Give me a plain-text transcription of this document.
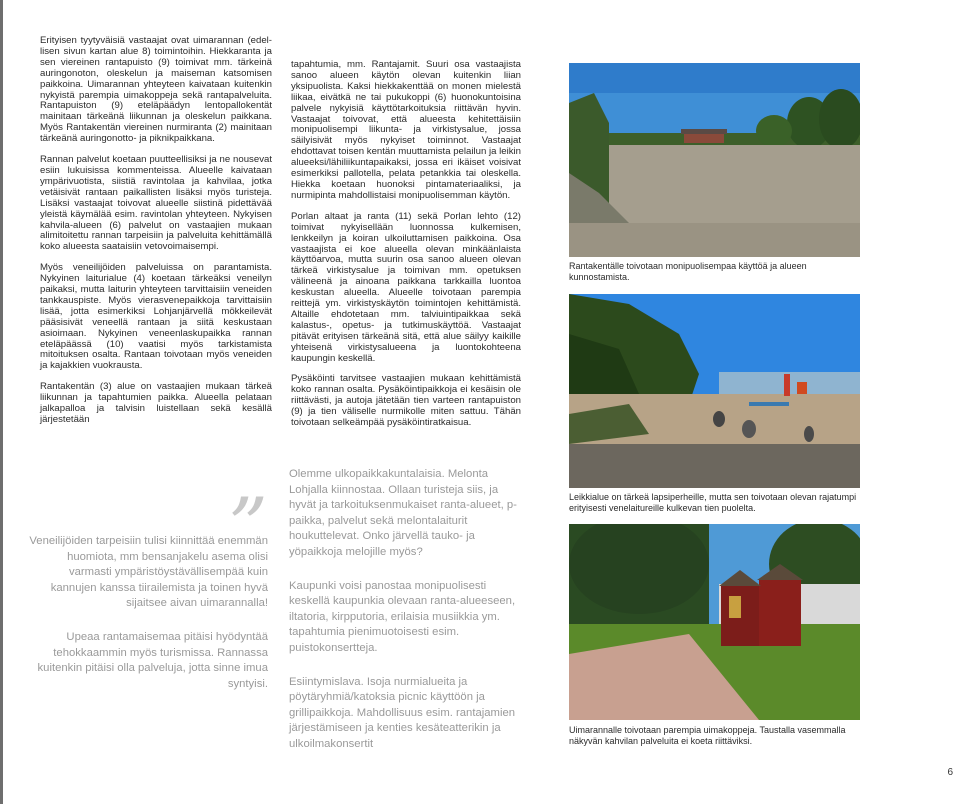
Erityisen tyytyväisiä vastaajat ovat uimarannan (edel-lisen sivun kartan alue 8) toimintoihin. Hiekkaranta ja sen viereinen rantapuisto (9) toimivat mm. tärkeinä auringonoton, oleskelun ja maiseman katsomisen paikkoina. Uimarannan yhteyteen kaivataan kuitenkin nykyistä parempia uimakoppeja sekä rantapalveluita. Rantapuiston (9) eteläpäädyn lentopallokentät mainitaan tärkeänä liikunnan ja oleskelun paikkana. Myös Rantakentän viereinen nurmiranta (2) mainitaan tärkeänä auringonotto- ja piknikpaikkana.

Rannan palvelut koetaan puutteellisiksi ja ne nousevat esiin lukuisissa kommenteissa. Alueelle kaivataan ympärivuotista, siistiä ravintolaa ja kahvilaa, jotka vetäisivät rantaan paikallisten lisäksi myös turisteja. Lisäksi vastaajat toivovat alueelle siistinä pidettävää yleistä käymälää esim. ravintolan yhteyteen. Nykyisen kahvila-alueen (6) palvelut on vastaajien mukaan alimitoitettu rannan tarpeisiin ja palveluita kehittämällä koko alueesta saataisiin vetovoimaisempi.

Myös veneilijöiden palveluissa on parantamista. Nykyinen laiturialue (4) koetaan tärkeäksi veneilyn paikaksi, mutta laiturin yhteyteen tarvittaisiin veneiden tankkauspiste. Myös vierasvenepaikkoja tarvittaisiin lisää, jotta esimerkiksi Lohjanjärvellä mökkeilevät pääsisivät veneellä rantaan ja siitä keskustaan asioimaan. Nykyinen veneenlaskupaikka rannan eteläpäässä (10) vaatisi myös tarkistamista mitoituksen osalta. Rantaan toivotaan myös veneiden ja kajakkien vuokrausta.

Rantakentän (3) alue on vastaajien mukaan tärkeä liikunnan ja tapahtumien paikka. Alueella pelataan jalkapalloa ja talvisin luistellaan sekä kesällä järjestetään

tapahtumia, mm. Rantajamit. Suuri osa vastaajista sanoo alueen käytön olevan kuitenkin liian yksipuolista. Kaksi hiekkakenttää on monen mielestä liikaa, eivätkä ne tai pukukoppi (6) huonokuntoisina palvele nykyisiä käyttötarkoituksia riittävän hyvin. Vastaajat toivovat, että alueesta kehitettäisiin monipuolisempi liikunta- ja virkistysalue, jossa säilyisivät myös nykyiset toiminnot. Vastaajat ehdottavat toisen kentän muuttamista pelailun ja leikin alueeksi/lähiliikuntapaikaksi, jossa eri ikäiset voisivat esimerkiksi pallotella, pelata petankkia tai oleskella. Hiekka koetaan huonoksi pintamateriaaliksi, ja nurmipinta mahdollistaisi monipuolisemman käytön.

Porlan altaat ja ranta (11) sekä Porlan lehto (12) toimivat nykyisellään luonnossa kulkemisen, lenkkeilyn ja koiran ulkoiluttamisen paikkoina. Osa vastaajista ei koe alueella olevan minkäänlaista käyttöarvoa, mutta suurin osa sanoo alueen olevan tärkeä virkistysalue ja toimivan mm. opetuksen välineenä ja ainoana paikkana tarkkailla luontoa keskustan alueella. Alueelle toivotaan parempia reittejä ym. virkistyskäytön toimintojen kehittämistä. Altaille ehdotetaan mm. talviuintipaikkaa sekä kalastus-, opetus- ja tutkimuskäyttöä. Vastaajat pitävät erityisen tärkeänä sitä, että alue säilyy kaikille yhteisenä virkistysalueena ja luontokohteena kaupungin keskellä.

Pysäköinti tarvitsee vastaajien mukaan kehittämistä koko rannan osalta. Pysäköintipaikkoja ei kesäisin ole riittävästi, ja autoja jätetään tien varteen rantapuiston (9) ja tien väliselle nurmikolle miten sattuu. Tähän toivotaan selkeämpää pysäköintiratkaisua.

Rantakentälle toivotaan monipuolisempaa käyttöä ja alueen kunnostamista.
Leikkialue on tärkeä lapsiperheille, mutta sen toivotaan olevan rajatumpi erityisesti venelaitureille kulkevan tien puolelta.
Uimarannalle toivotaan parempia uimakoppeja. Taustalla vasemmalla näkyvän kahvilan palveluita ei koeta riittäviksi.
”

Veneilijöiden tarpeisiin tulisi kiinnittää enemmän huomiota, mm bensanjakelu asema olisi varmasti ympäristöystävällisempää kuin kannujen kanssa tiirailemista ja toinen hyvä sijaitsee aivan uimarannalla!

Upeaa rantamaisemaa pitäisi hyödyntää tehokkaammin myös turismissa. Rannassa kuitenkin pitäisi olla palveluja, jotta sinne imua syntyisi.

Olemme ulkopaikkakuntalaisia. Melonta Lohjalla kiinnostaa. Ollaan turisteja siis, ja hyvät ja tarkoituksenmukaiset ranta-alueet, p-paikka, palvelut sekä melontalaiturit houkuttelevat. Onko järvellä tauko- ja yöpaikkoja melojille myös?

Kaupunki voisi panostaa monipuolisesti keskellä kaupunkia olevaan ranta-alueeseen, iltatoria, kirpputoria, erilaisia musiikkia ym. tapahtumia pienimuotoisesti esim. puistokonsertteja.

Esiintymislava. Isoja nurmialueita ja pöytäryhmiä/katoksia picnic käyttöön ja grillipaikkoja. Mahdollisuus esim. rantajamien järjestämiseen ja kenties kesäteatterikin ja ulkoilmakonsertit

6
